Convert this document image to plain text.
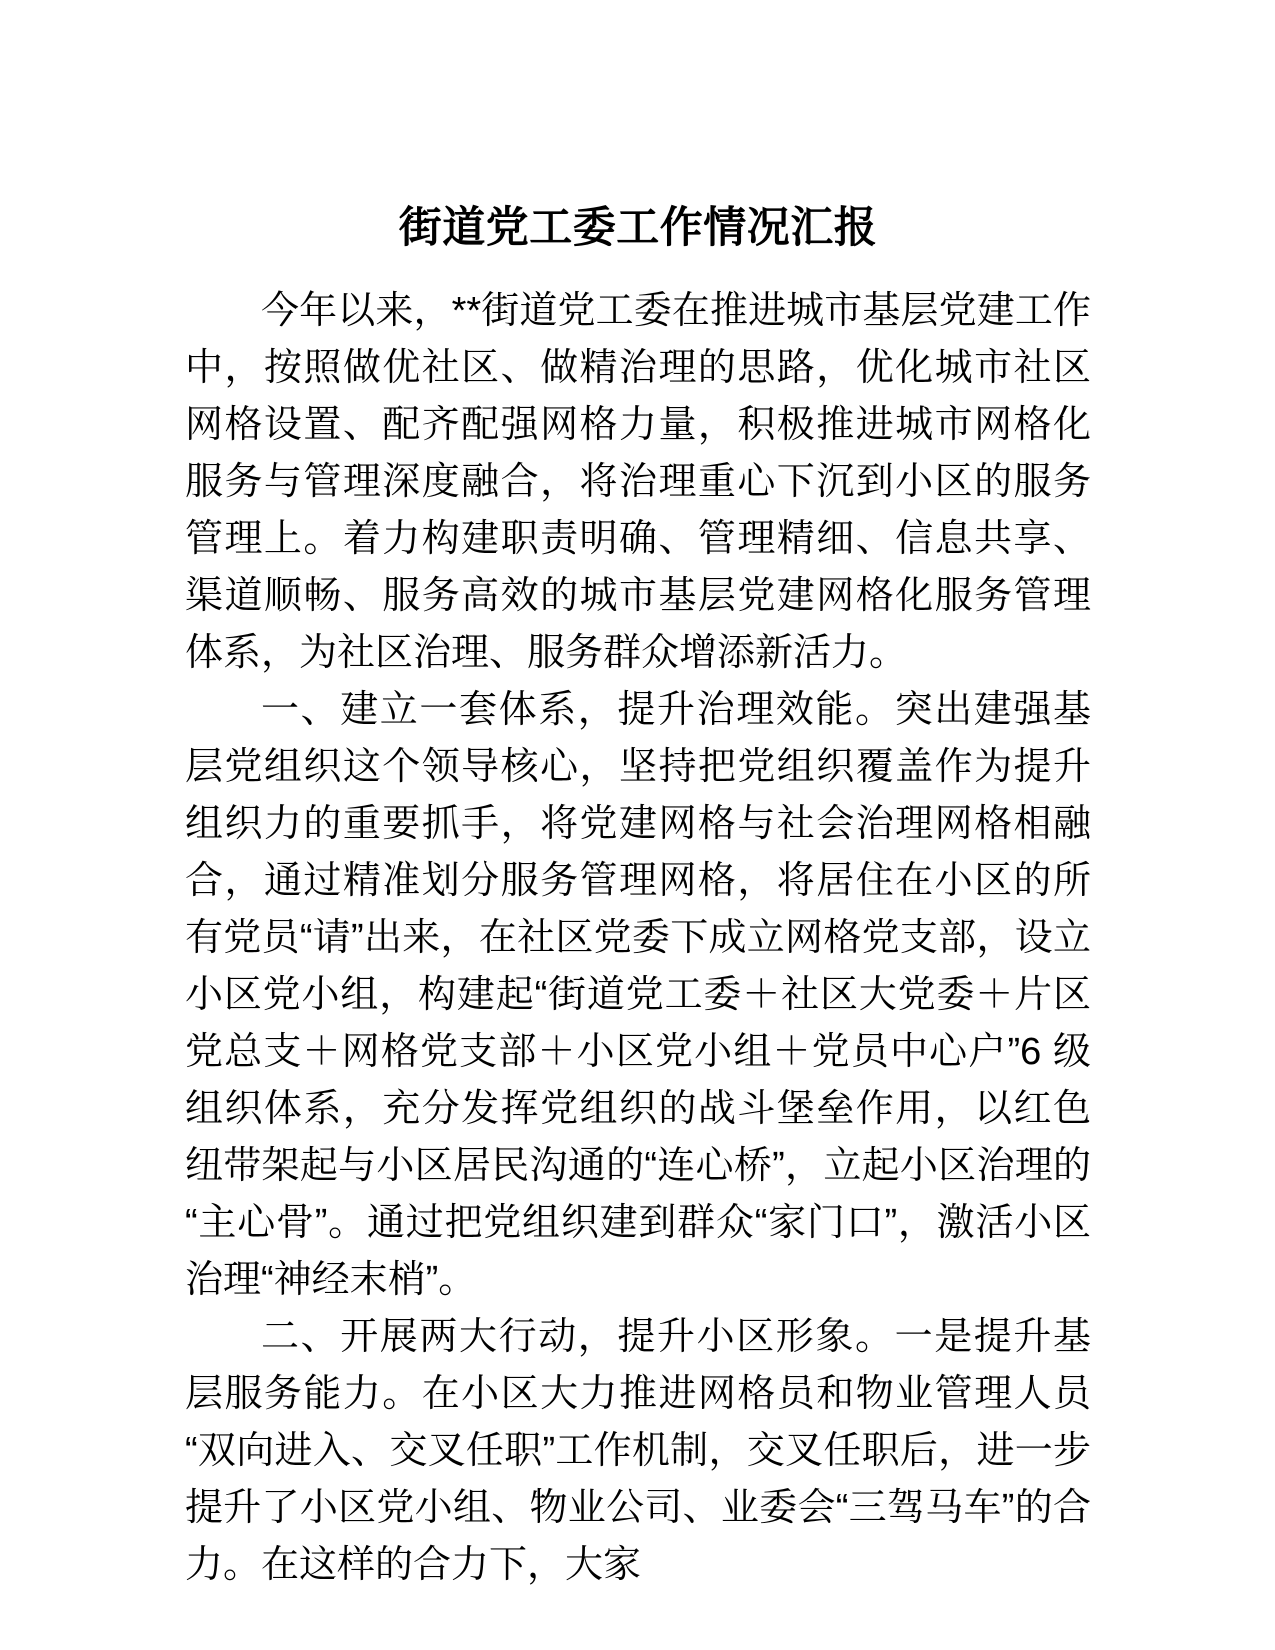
街道党工委工作情况汇报

今年以来，**街道党工委在推进城市基层党建工作中，按照做优社区、做精治理的思路，优化城市社区网格设置、配齐配强网格力量，积极推进城市网格化服务与管理深度融合，将治理重心下沉到小区的服务管理上。着力构建职责明确、管理精细、信息共享、渠道顺畅、服务高效的城市基层党建网格化服务管理体系，为社区治理、服务群众增添新活力。

一、建立一套体系，提升治理效能。突出建强基层党组织这个领导核心，坚持把党组织覆盖作为提升组织力的重要抓手，将党建网格与社会治理网格相融合，通过精准划分服务管理网格，将居住在小区的所有党员“请”出来，在社区党委下成立网格党支部，设立小区党小组，构建起“街道党工委＋社区大党委＋片区党总支＋网格党支部＋小区党小组＋党员中心户”6 级组织体系，充分发挥党组织的战斗堡垒作用，以红色纽带架起与小区居民沟通的“连心桥”，立起小区治理的“主心骨”。通过把党组织建到群众“家门口”，激活小区治理“神经末梢”。

二、开展两大行动，提升小区形象。一是提升基层服务能力。在小区大力推进网格员和物业管理人员“双向进入、交叉任职”工作机制，交叉任职后，进一步提升了小区党小组、物业公司、业委会“三驾马车”的合力。在这样的合力下，大家
